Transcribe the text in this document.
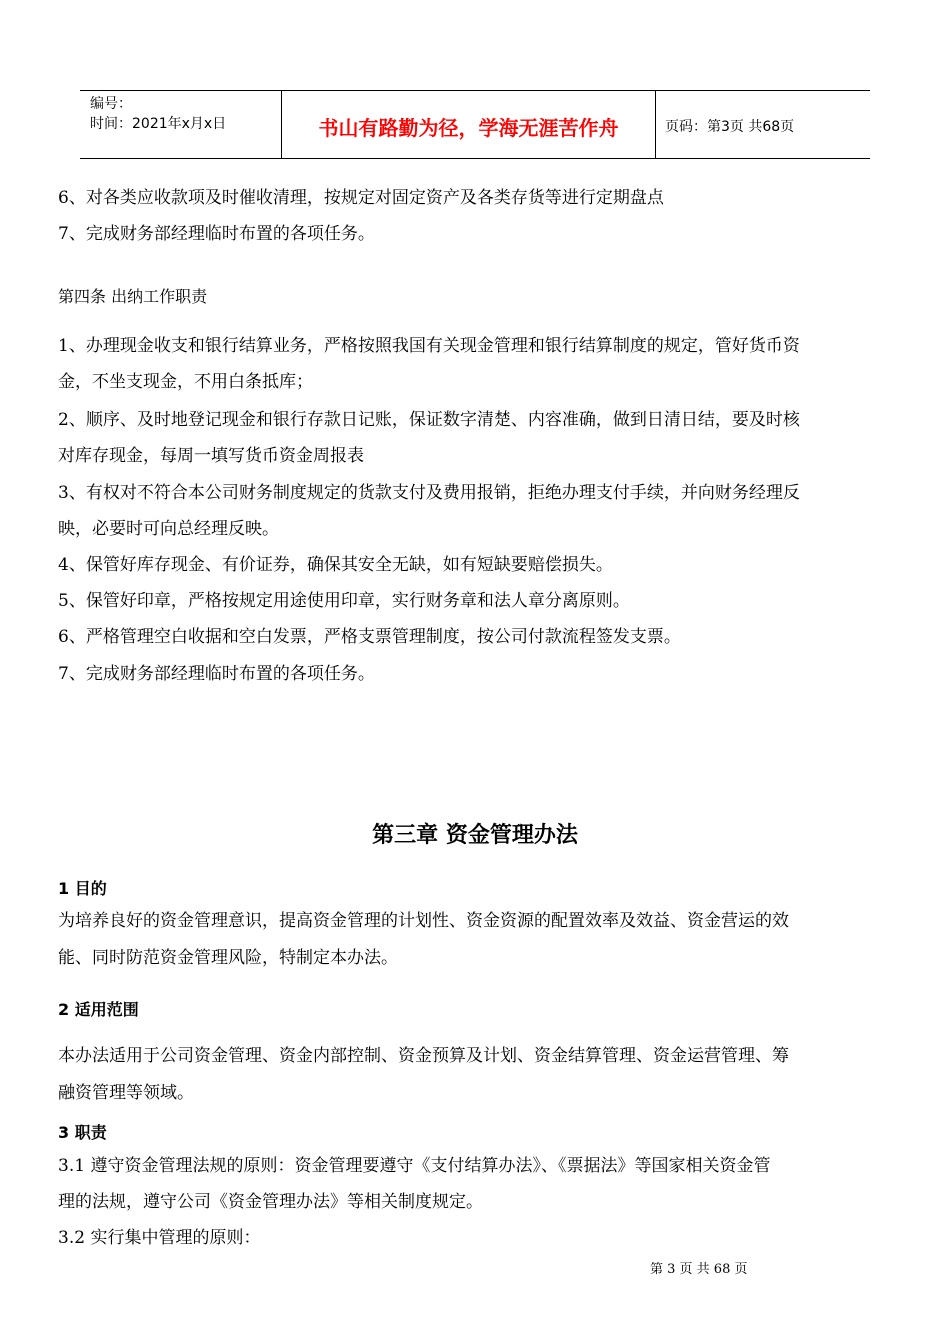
编号：
时间：2021年x月x日	书山有路勤为径，学海无涯苦作舟	页码：第3页 共68页
6、对各类应收款项及时催收清理，按规定对固定资产及各类存货等进行定期盘点
7、完成财务部经理临时布置的各项任务。
第四条 出纳工作职责
1、办理现金收支和银行结算业务，严格按照我国有关现金管理和银行结算制度的规定，管好货币资
金，不坐支现金，不用白条抵库；
2、顺序、及时地登记现金和银行存款日记账，保证数字清楚、内容准确，做到日清日结，要及时核
对库存现金，每周一填写货币资金周报表
3、有权对不符合本公司财务制度规定的货款支付及费用报销，拒绝办理支付手续，并向财务经理反
映，必要时可向总经理反映。
4、保管好库存现金、有价证券，确保其安全无缺，如有短缺要赔偿损失。
5、保管好印章，严格按规定用途使用印章，实行财务章和法人章分离原则。
6、严格管理空白收据和空白发票，严格支票管理制度，按公司付款流程签发支票。
7、完成财务部经理临时布置的各项任务。
第三章 资金管理办法
1 目的
为培养良好的资金管理意识，提高资金管理的计划性、资金资源的配置效率及效益、资金营运的效
能、同时防范资金管理风险，特制定本办法。
2 适用范围
本办法适用于公司资金管理、资金内部控制、资金预算及计划、资金结算管理、资金运营管理、筹
融资管理等领域。
3 职责
3.1 遵守资金管理法规的原则：资金管理要遵守《支付结算办法》、《票据法》等国家相关资金管
理的法规，遵守公司《资金管理办法》等相关制度规定。
3.2 实行集中管理的原则：
第 3 页 共 68 页
